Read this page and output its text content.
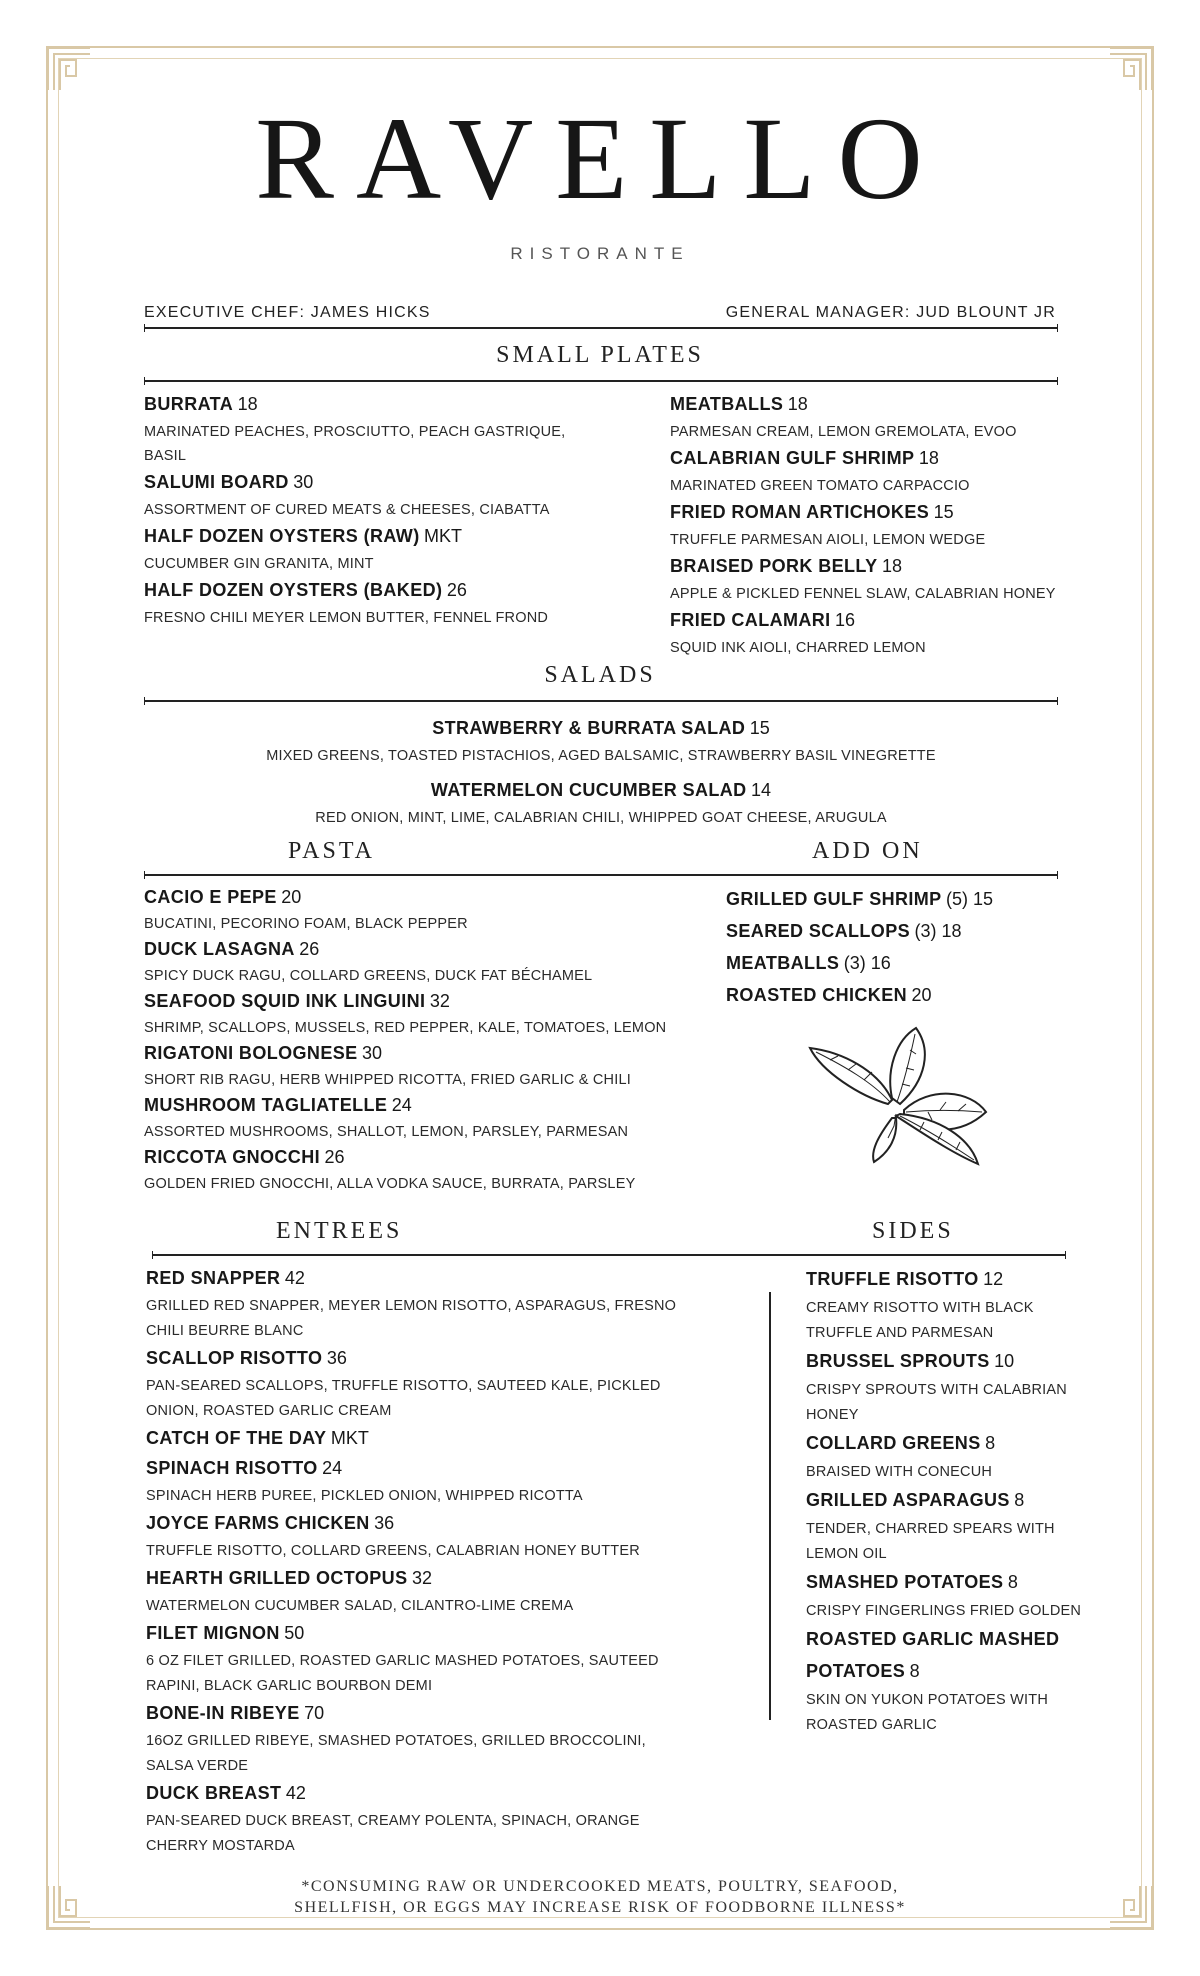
RAVELLO
RISTORANTE
EXECUTIVE CHEF: JAMES HICKS	GENERAL MANAGER: JUD BLOUNT JR
SMALL PLATES
BURRATA 18
MARINATED PEACHES, PROSCIUTTO, PEACH GASTRIQUE,
BASIL
SALUMI BOARD 30
ASSORTMENT OF CURED MEATS & CHEESES, CIABATTA
HALF DOZEN OYSTERS (RAW) MKT
CUCUMBER GIN GRANITA, MINT
HALF DOZEN OYSTERS (BAKED) 26
FRESNO CHILI MEYER LEMON BUTTER, FENNEL FROND
MEATBALLS 18
PARMESAN CREAM, LEMON GREMOLATA, EVOO
CALABRIAN GULF SHRIMP 18
MARINATED GREEN TOMATO CARPACCIO
FRIED ROMAN ARTICHOKES 15
TRUFFLE PARMESAN AIOLI, LEMON WEDGE
BRAISED PORK BELLY 18
APPLE & PICKLED FENNEL SLAW, CALABRIAN HONEY
FRIED CALAMARI 16
SQUID INK AIOLI, CHARRED LEMON
SALADS
STRAWBERRY & BURRATA SALAD 15
MIXED GREENS, TOASTED PISTACHIOS, AGED BALSAMIC, STRAWBERRY BASIL VINEGRETTE
WATERMELON CUCUMBER SALAD 14
RED ONION, MINT, LIME, CALABRIAN CHILI, WHIPPED GOAT CHEESE, ARUGULA
PASTA	ADD ON
CACIO E PEPE 20
BUCATINI, PECORINO FOAM, BLACK PEPPER
DUCK LASAGNA 26
SPICY DUCK RAGU, COLLARD GREENS, DUCK FAT BÉCHAMEL
SEAFOOD SQUID INK LINGUINI 32
SHRIMP, SCALLOPS, MUSSELS, RED PEPPER, KALE, TOMATOES, LEMON
RIGATONI BOLOGNESE 30
SHORT RIB RAGU, HERB WHIPPED RICOTTA, FRIED GARLIC & CHILI
MUSHROOM TAGLIATELLE 24
ASSORTED MUSHROOMS, SHALLOT, LEMON, PARSLEY, PARMESAN
RICCOTA GNOCCHI 26
GOLDEN FRIED GNOCCHI, ALLA VODKA SAUCE, BURRATA, PARSLEY
GRILLED GULF SHRIMP (5) 15
SEARED SCALLOPS (3) 18
MEATBALLS (3) 16
ROASTED CHICKEN 20
ENTREES	SIDES
RED SNAPPER 42
GRILLED RED SNAPPER, MEYER LEMON RISOTTO, ASPARAGUS, FRESNO
CHILI BEURRE BLANC
SCALLOP RISOTTO 36
PAN-SEARED SCALLOPS, TRUFFLE RISOTTO, SAUTEED KALE, PICKLED
ONION, ROASTED GARLIC CREAM
CATCH OF THE DAY MKT
SPINACH RISOTTO 24
SPINACH HERB PUREE, PICKLED ONION, WHIPPED RICOTTA
JOYCE FARMS CHICKEN 36
TRUFFLE RISOTTO, COLLARD GREENS, CALABRIAN HONEY BUTTER
HEARTH GRILLED OCTOPUS 32
WATERMELON CUCUMBER SALAD, CILANTRO-LIME CREMA
FILET MIGNON 50
6 OZ FILET GRILLED, ROASTED GARLIC MASHED POTATOES, SAUTEED
RAPINI, BLACK GARLIC BOURBON DEMI
BONE-IN RIBEYE 70
16OZ GRILLED RIBEYE, SMASHED POTATOES, GRILLED BROCCOLINI,
SALSA VERDE
DUCK BREAST 42
PAN-SEARED DUCK BREAST, CREAMY POLENTA, SPINACH, ORANGE
CHERRY MOSTARDA
TRUFFLE RISOTTO 12
CREAMY RISOTTO WITH BLACK
TRUFFLE AND PARMESAN
BRUSSEL SPROUTS 10
CRISPY SPROUTS WITH CALABRIAN
HONEY
COLLARD GREENS 8
BRAISED WITH CONECUH
GRILLED ASPARAGUS 8
TENDER, CHARRED SPEARS WITH
LEMON OIL
SMASHED POTATOES 8
CRISPY FINGERLINGS FRIED GOLDEN
ROASTED GARLIC MASHED
POTATOES 8
SKIN ON YUKON POTATOES WITH
ROASTED GARLIC
*CONSUMING RAW OR UNDERCOOKED MEATS, POULTRY, SEAFOOD,
SHELLFISH, OR EGGS MAY INCREASE RISK OF FOODBORNE ILLNESS*
